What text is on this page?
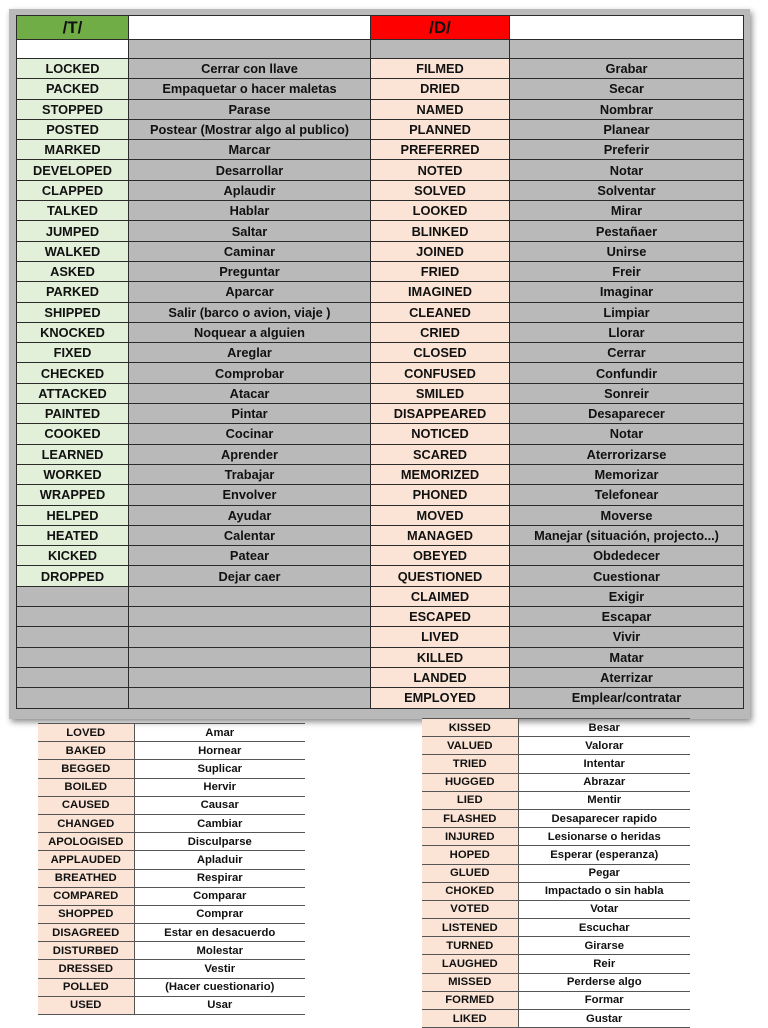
/T/		/D/	

LOCKED	Cerrar con llave	FILMED	Grabar
PACKED	Empaquetar o hacer maletas	DRIED	Secar
STOPPED	Parase	NAMED	Nombrar
POSTED	Postear (Mostrar algo al publico)	PLANNED	Planear
MARKED	Marcar	PREFERRED	Preferir
DEVELOPED	Desarrollar	NOTED	Notar
CLAPPED	Aplaudir	SOLVED	Solventar
TALKED	Hablar	LOOKED	Mirar
JUMPED	Saltar	BLINKED	Pestañaer
WALKED	Caminar	JOINED	Unirse
ASKED	Preguntar	FRIED	Freir
PARKED	Aparcar	IMAGINED	Imaginar
SHIPPED	Salir (barco o avion, viaje )	CLEANED	Limpiar
KNOCKED	Noquear a alguien	CRIED	Llorar
FIXED	Areglar	CLOSED	Cerrar
CHECKED	Comprobar	CONFUSED	Confundir
ATTACKED	Atacar	SMILED	Sonreir
PAINTED	Pintar	DISAPPEARED	Desaparecer
COOKED	Cocinar	NOTICED	Notar
LEARNED	Aprender	SCARED	Aterrorizarse
WORKED	Trabajar	MEMORIZED	Memorizar
WRAPPED	Envolver	PHONED	Telefonear
HELPED	Ayudar	MOVED	Moverse
HEATED	Calentar	MANAGED	Manejar (situación, projecto...)
KICKED	Patear	OBEYED	Obdedecer
DROPPED	Dejar caer	QUESTIONED	Cuestionar
		CLAIMED	Exigir
		ESCAPED	Escapar
		LIVED	Vivir
		KILLED	Matar
		LANDED	Aterrizar
		EMPLOYED	Emplear/contratar
LOVED	Amar
BAKED	Hornear
BEGGED	Suplicar
BOILED	Hervir
CAUSED	Causar
CHANGED	Cambiar
APOLOGISED	Disculparse
APPLAUDED	Apladuir
BREATHED	Respirar
COMPARED	Comparar
SHOPPED	Comprar
DISAGREED	Estar en desacuerdo
DISTURBED	Molestar
DRESSED	Vestir
POLLED	(Hacer cuestionario)
USED	Usar
KISSED	Besar
VALUED	Valorar
TRIED	Intentar
HUGGED	Abrazar
LIED	Mentir
FLASHED	Desaparecer rapido
INJURED	Lesionarse o heridas
HOPED	Esperar (esperanza)
GLUED	Pegar
CHOKED	Impactado o sin habla
VOTED	Votar
LISTENED	Escuchar
TURNED	Girarse
LAUGHED	Reir
MISSED	Perderse algo
FORMED	Formar
LIKED	Gustar
